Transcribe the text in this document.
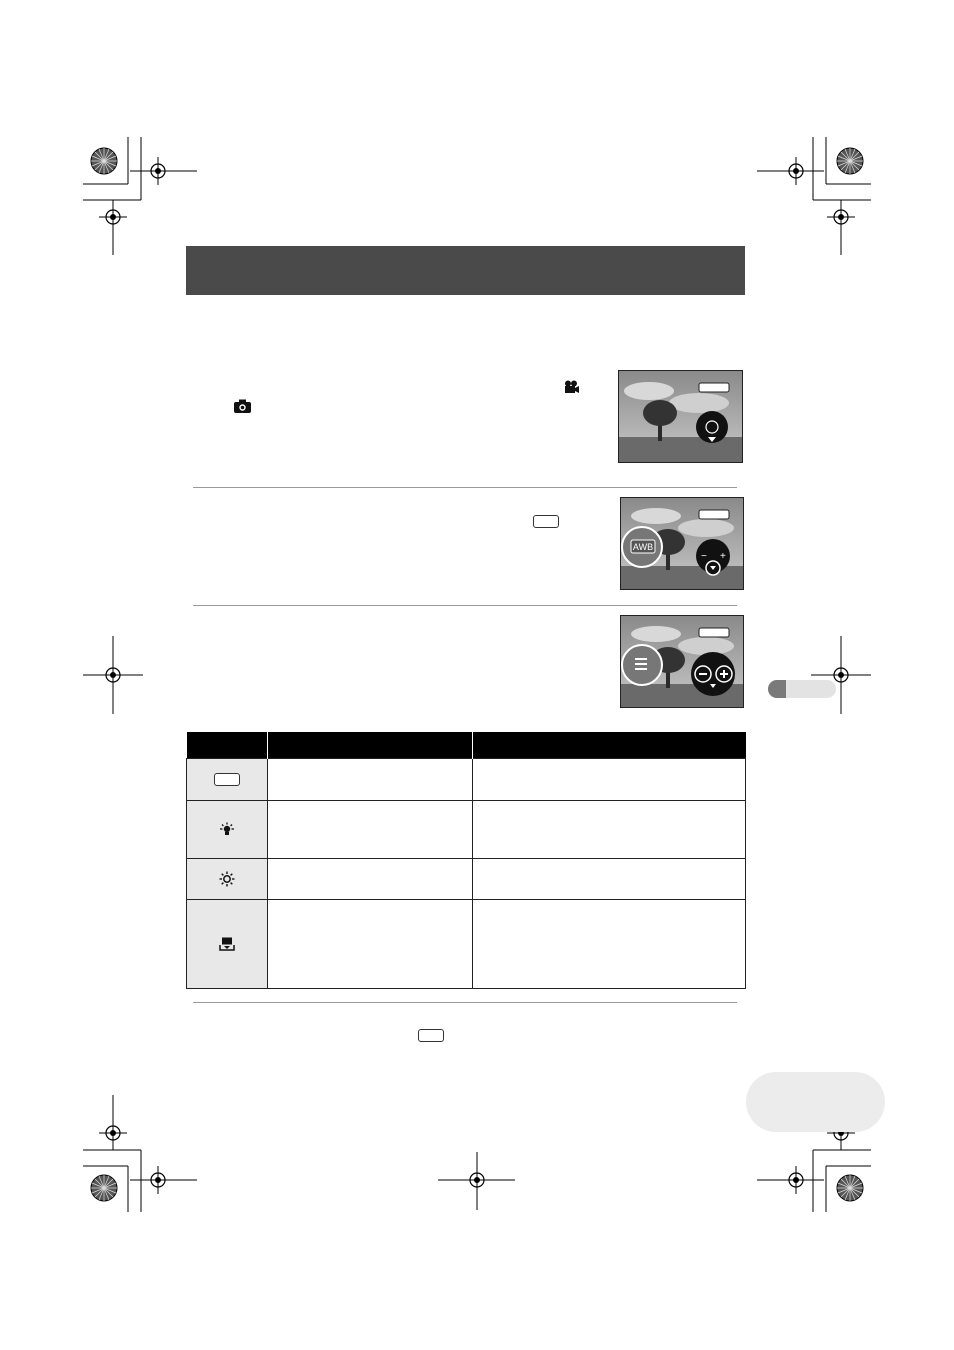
AWB
− +
